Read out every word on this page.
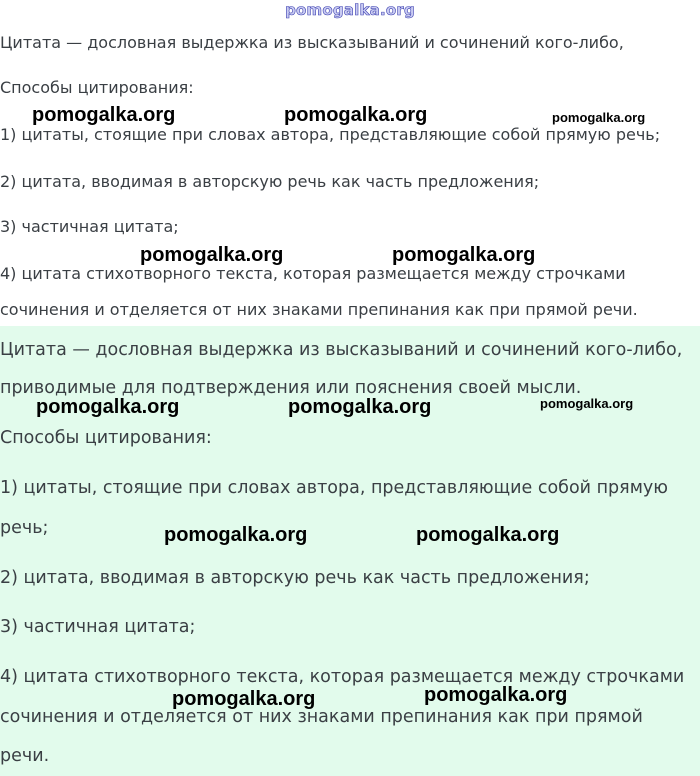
pomogalka.org

Цитата — дословная выдержка из высказываний и сочинений кого-либо,

Способы цитирования:

1) цитаты, стоящие при словах автора, представляющие собой прямую речь;

2) цитата, вводимая в авторскую речь как часть предложения;

3) частичная цитата;

4) цитата стихотворного текста, которая размещается между строчками

сочинения и отделяется от них знаками препинания как при прямой речи.

Цитата — дословная выдержка из высказываний и сочинений кого-либо,

приводимые для подтверждения или пояснения своей мысли.

Способы цитирования:

1) цитаты, стоящие при словах автора, представляющие собой прямую

речь;

2) цитата, вводимая в авторскую речь как часть предложения;

3) частичная цитата;

4) цитата стихотворного текста, которая размещается между строчками

сочинения и отделяется от них знаками препинания как при прямой

речи.

pomogalka.org	pomogalka.org	pomogalka.org
pomogalka.org	pomogalka.org
pomogalka.org	pomogalka.org	pomogalka.org
pomogalka.org	pomogalka.org
pomogalka.org	pomogalka.org
